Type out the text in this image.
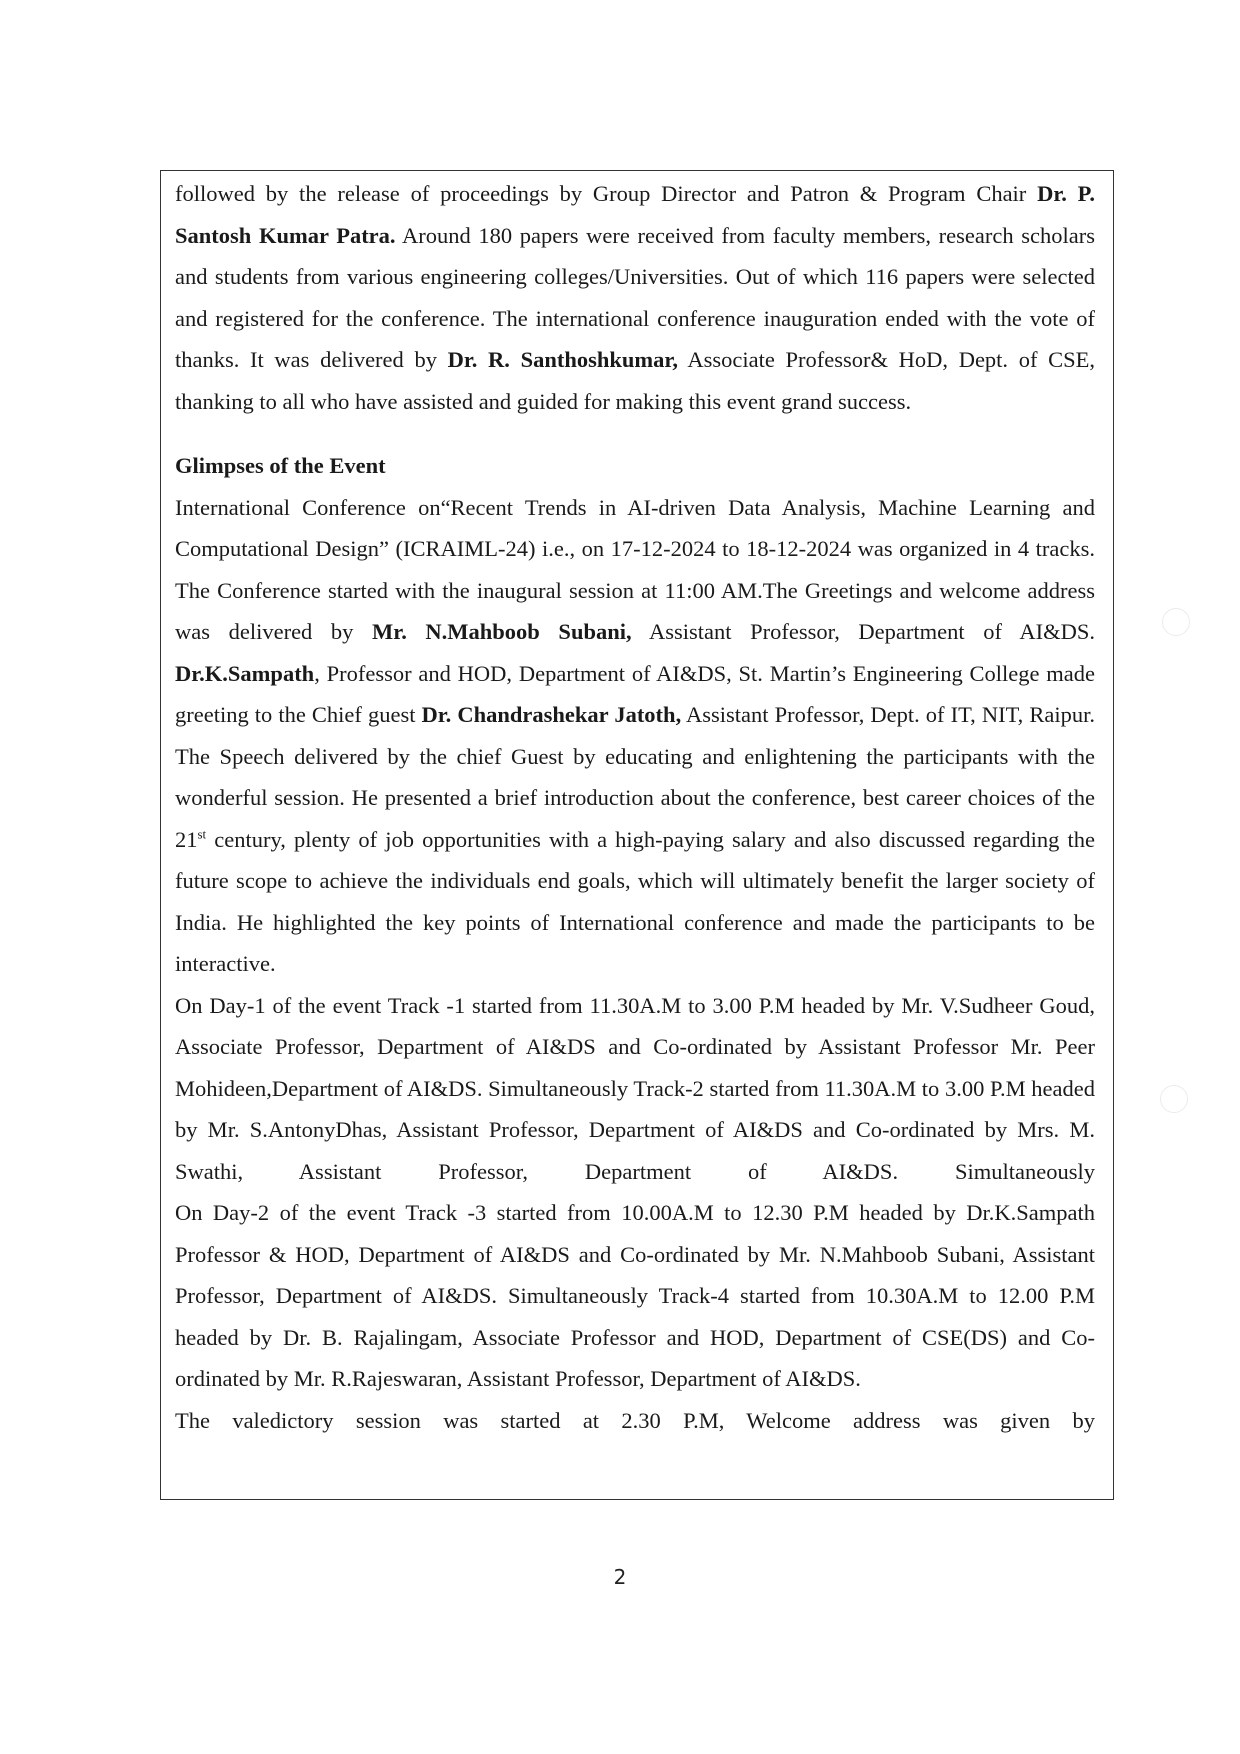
followed by the release of proceedings by Group Director and Patron & Program Chair Dr. P. Santosh Kumar Patra. Around 180 papers were received from faculty members, research scholars and students from various engineering colleges/Universities. Out of which 116 papers were selected and registered for the conference. The international conference inauguration ended with the vote of thanks. It was delivered by Dr. R. Santhoshkumar, Associate Professor& HoD, Dept. of CSE, thanking to all who have assisted and guided for making this event grand success.

Glimpses of the Event

International Conference on“Recent Trends in AI-driven Data Analysis, Machine Learning and Computational Design” (ICRAIML-24) i.e., on 17-12-2024 to 18-12-2024 was organized in 4 tracks. The Conference started with the inaugural session at 11:00 AM.The Greetings and welcome address was delivered by Mr. N.Mahboob Subani, Assistant Professor, Department of AI&DS. Dr.K.Sampath, Professor and HOD, Department of AI&DS, St. Martin’s Engineering College made greeting to the Chief guest Dr. Chandrashekar Jatoth, Assistant Professor, Dept. of IT, NIT, Raipur. The Speech delivered by the chief Guest by educating and enlightening the participants with the wonderful session. He presented a brief introduction about the conference, best career choices of the 21st century, plenty of job opportunities with a high-paying salary and also discussed regarding the future scope to achieve the individuals end goals, which will ultimately benefit the larger society of India. He highlighted the key points of International conference and made the participants to be interactive.

On Day-1 of the event Track -1 started from 11.30A.M to 3.00 P.M headed by Mr. V.Sudheer Goud, Associate Professor, Department of AI&DS and Co-ordinated by Assistant Professor Mr. Peer Mohideen,Department of AI&DS. Simultaneously Track-2 started from 11.30A.M to 3.00 P.M headed by Mr. S.AntonyDhas, Assistant Professor, Department of AI&DS and Co-ordinated by Mrs. M. Swathi, Assistant Professor, Department of AI&DS. Simultaneously

On Day-2 of the event Track -3 started from 10.00A.M to 12.30 P.M headed by Dr.K.Sampath Professor & HOD, Department of AI&DS and Co-ordinated by Mr. N.Mahboob Subani, Assistant Professor, Department of AI&DS. Simultaneously Track-4 started from 10.30A.M to 12.00 P.M headed by Dr. B. Rajalingam, Associate Professor and HOD, Department of CSE(DS) and Co-ordinated by Mr. R.Rajeswaran, Assistant Professor, Department of AI&DS.

The valedictory session was started at 2.30 P.M, Welcome address was given by

2
